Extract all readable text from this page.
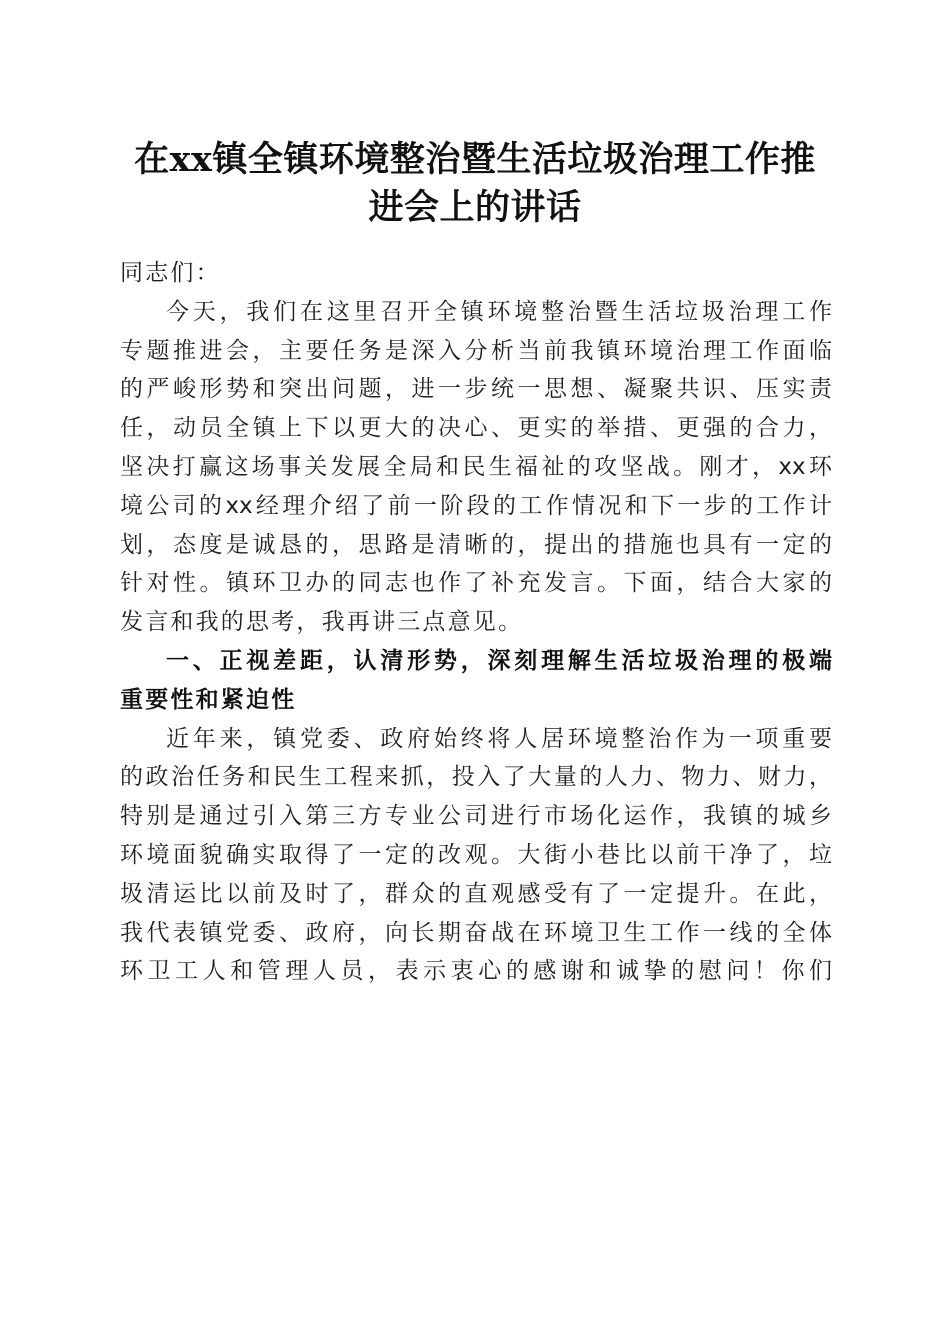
在xx镇全镇环境整治暨生活垃圾治理工作推
进会上的讲话
同志们：
今天，我们在这里召开全镇环境整治暨生活垃圾治理工作
专题推进会，主要任务是深入分析当前我镇环境治理工作面临
的严峻形势和突出问题，进一步统一思想、凝聚共识、压实责
任，动员全镇上下以更大的决心、更实的举措、更强的合力，
坚决打赢这场事关发展全局和民生福祉的攻坚战。刚才，xx环
境公司的xx经理介绍了前一阶段的工作情况和下一步的工作计
划，态度是诚恳的，思路是清晰的，提出的措施也具有一定的
针对性。镇环卫办的同志也作了补充发言。下面，结合大家的
发言和我的思考，我再讲三点意见。
一、正视差距，认清形势，深刻理解生活垃圾治理的极端
重要性和紧迫性
近年来，镇党委、政府始终将人居环境整治作为一项重要
的政治任务和民生工程来抓，投入了大量的人力、物力、财力，
特别是通过引入第三方专业公司进行市场化运作，我镇的城乡
环境面貌确实取得了一定的改观。大街小巷比以前干净了，垃
圾清运比以前及时了，群众的直观感受有了一定提升。在此，
我代表镇党委、政府，向长期奋战在环境卫生工作一线的全体
环卫工人和管理人员，表示衷心的感谢和诚挚的慰问！你们
